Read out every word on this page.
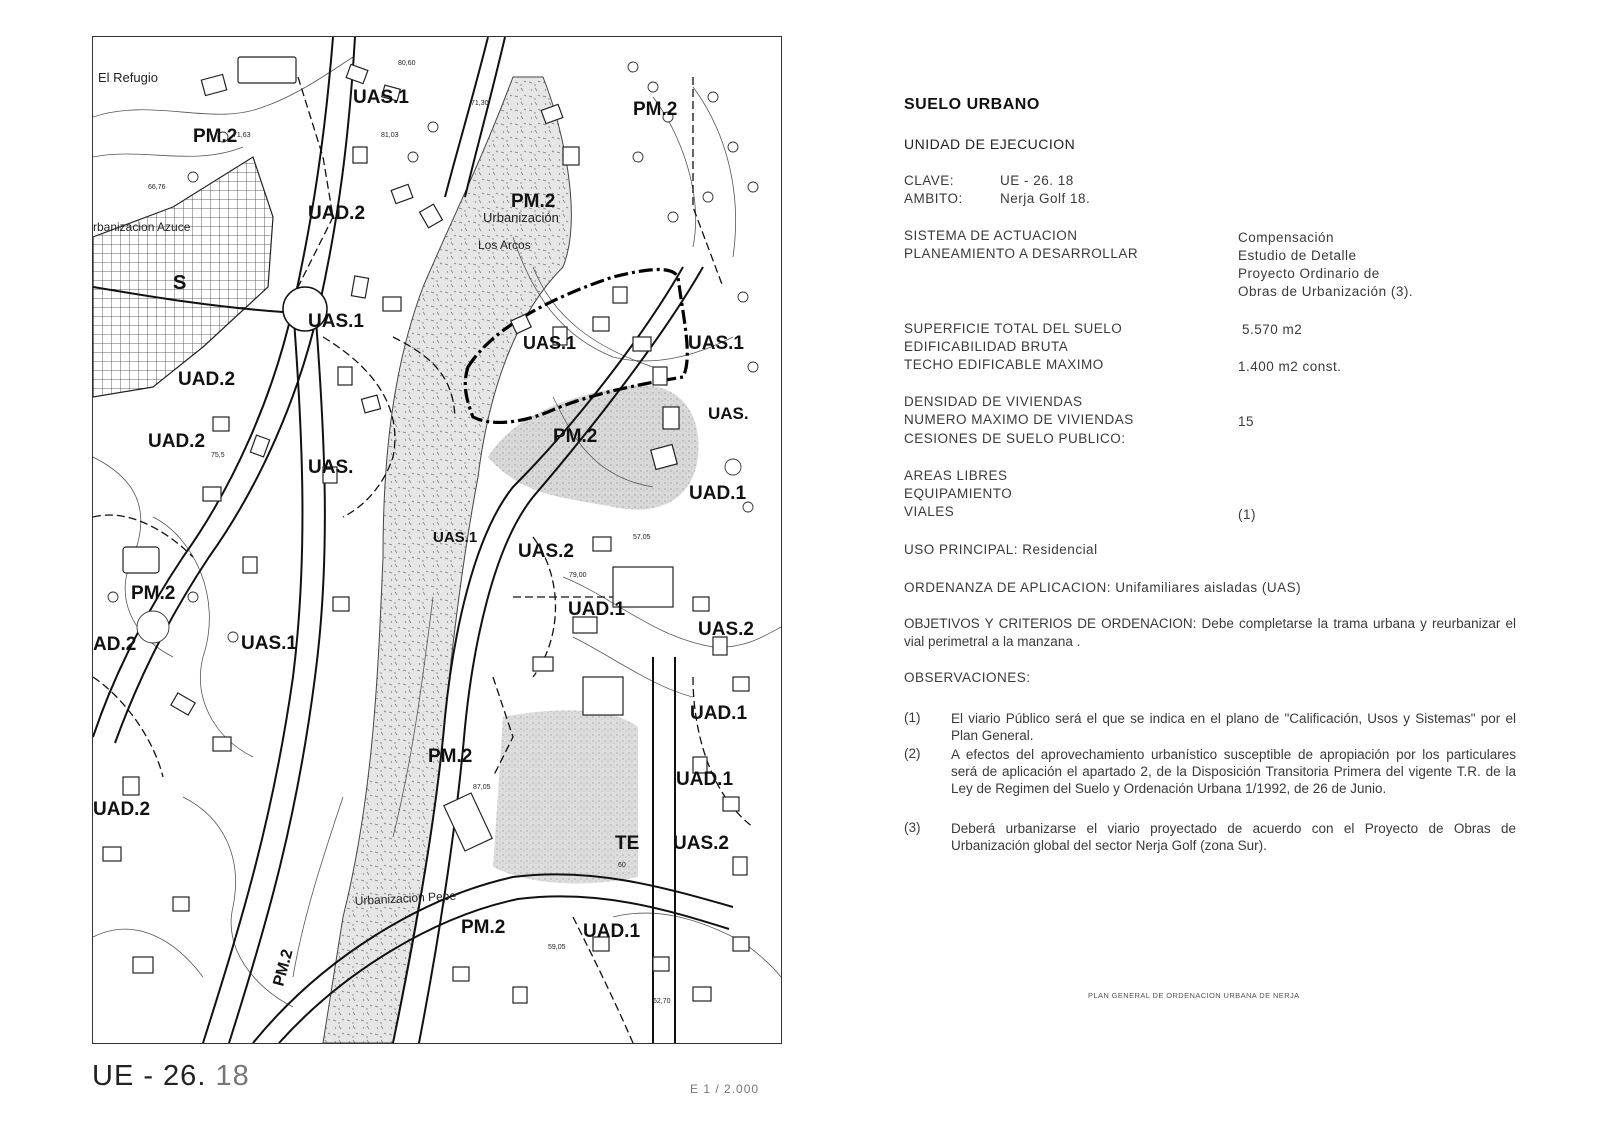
UAS.1
PM.2
PM.2
UAD.2
PM.2
S
UAS.1
UAS.1	UAS.1
UAD.2
UAD.2
UAS.
PM.2
UAS.
UAD.1
UAS.1
UAS.2
PM.2
AD.2	UAS.1
UAD.1
UAS.2
UAD.1
PM.2
UAD.1
UAD.2
TE UAS.2
PM.2	UAD.1
PM.2
El Refugio
Urbanización
Los Arcos
rbanizacion Azuce
Urbanizacion Pepe
80,60
71,30
71,63	81,03
66,76
75,5
57,05
79,00
87,05
60
59,05
62,70
UE - 26. 18	E 1 / 2.000
SUELO URBANO
UNIDAD DE EJECUCION
CLAVE:	UE - 26. 18
AMBITO:	Nerja Golf 18.
SISTEMA DE ACTUACION
PLANEAMIENTO A DESARROLLAR
Compensación
Estudio de Detalle
Proyecto Ordinario de
Obras de Urbanización (3).
SUPERFICIE TOTAL DEL SUELO	5.570 m2
EDIFICABILIDAD BRUTA
TECHO EDIFICABLE MAXIMO	1.400 m2 const.
DENSIDAD DE VIVIENDAS
NUMERO MAXIMO DE VIVIENDAS	15
CESIONES DE SUELO PUBLICO:
AREAS LIBRES
EQUIPAMIENTO
VIALES	(1)
USO PRINCIPAL: Residencial
ORDENANZA DE APLICACION: Unifamiliares aisladas (UAS)
OBJETIVOS Y CRITERIOS DE ORDENACION: Debe completarse la trama urbana y reurbanizar el vial perimetral a la manzana .
OBSERVACIONES:
(1) El viario Público será el que se indica en el plano de "Calificación, Usos y Sistemas" por el Plan General.
(2) A efectos del aprovechamiento urbanístico susceptible de apropiación por los particulares será de aplicación el apartado 2, de la Disposición Transitoria Primera del vigente T.R. de la Ley de Regimen del Suelo y Ordenación Urbana 1/1992, de 26 de Junio.
(3) Deberá urbanizarse el viario proyectado de acuerdo con el Proyecto de Obras de Urbanización global del sector Nerja Golf (zona Sur).
PLAN GENERAL DE ORDENACION URBANA DE NERJA
